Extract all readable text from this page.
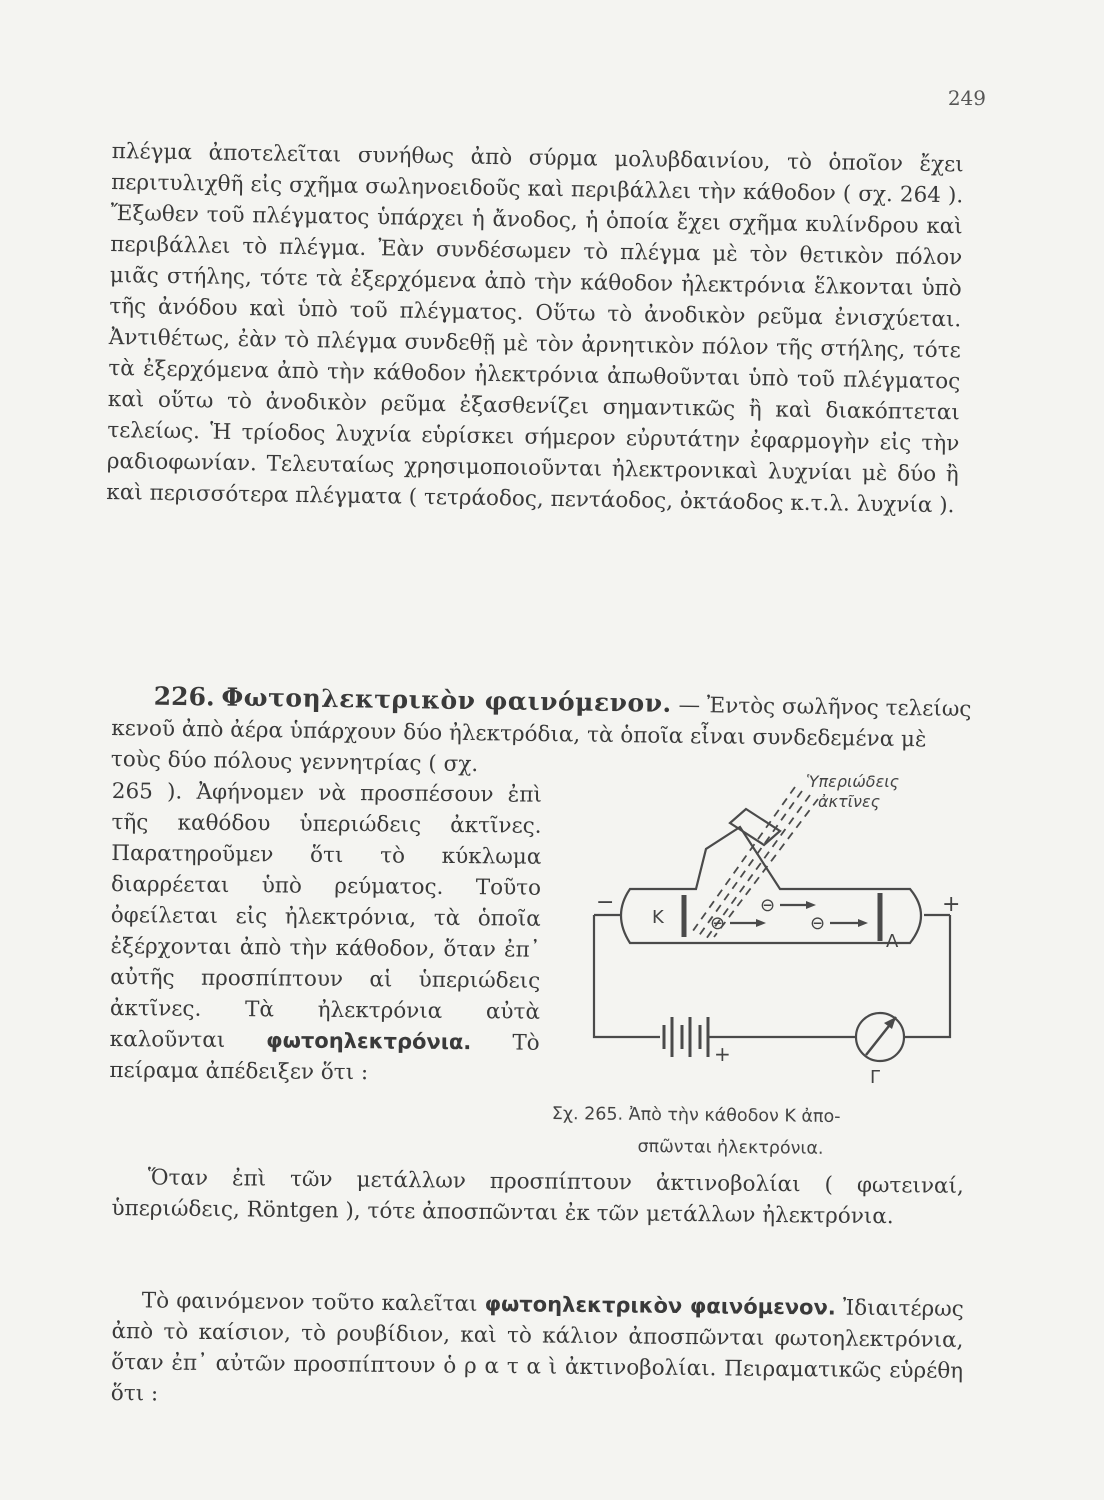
249

πλέγμα ἀποτελεῖται συνήθως ἀπὸ σύρμα μολυβδαινίου, τὸ ὁποῖον ἔχει περιτυλιχθῆ εἰς σχῆμα σωληνοειδοῦς καὶ περιβάλλει τὴν κάθοδον ( σχ. 264 ). Ἔξωθεν τοῦ πλέγματος ὑπάρχει ἡ ἄνοδος, ἡ ὁποία ἔχει σχῆμα κυλίνδρου καὶ περιβάλλει τὸ πλέγμα. Ἐὰν συνδέσωμεν τὸ πλέγμα μὲ τὸν θετικὸν πόλον μιᾶς στήλης, τότε τὰ ἐξερχόμενα ἀπὸ τὴν κάθοδον ἠλεκτρόνια ἕλκονται ὑπὸ τῆς ἀνόδου καὶ ὑπὸ τοῦ πλέγματος. Οὕτω τὸ ἀνοδικὸν ρεῦμα ἐνισχύεται. Ἀντιθέτως, ἐὰν τὸ πλέγμα συνδεθῇ μὲ τὸν ἀρνητικὸν πόλον τῆς στήλης, τότε τὰ ἐξερχόμενα ἀπὸ τὴν κάθοδον ἠλεκτρόνια ἀπωθοῦνται ὑπὸ τοῦ πλέγματος καὶ οὕτω τὸ ἀνοδικὸν ρεῦμα ἐξασθενίζει σημαντικῶς ἢ καὶ διακόπτεται τελείως. Ἡ τρίοδος λυχνία εὑρίσκει σήμερον εὐρυτάτην ἐφαρμογὴν εἰς τὴν ραδιοφωνίαν. Τελευταίως χρησιμοποιοῦνται ἠλεκτρονικαὶ λυχνίαι μὲ δύο ἢ καὶ περισσότερα πλέγματα ( τετράοδος, πεντάοδος, ὀκτάοδος κ.τ.λ. λυχνία ).

226. Φωτοηλεκτρικὸν φαινόμενον. — Ἐντὸς σωλῆνος τελείως κενοῦ ἀπὸ ἀέρα ὑπάρχουν δύο ἠλεκτρόδια, τὰ ὁποῖα εἶναι συνδεδεμένα μὲ τοὺς δύο πόλους γεννητρίας ( σχ.

265 ). Ἀφήνομεν νὰ προσπέσουν ἐπὶ τῆς καθόδου ὑπεριώδεις ἀκτῖνες. Παρατηροῦμεν ὅτι τὸ κύκλωμα διαρρέεται ὑπὸ ρεύματος. Τοῦτο ὀφείλεται εἰς ἠλεκτρόνια, τὰ ὁποῖα ἐξέρχονται ἀπὸ τὴν κάθοδον, ὅταν ἐπ᾽ αὐτῆς προσπίπτουν αἱ ὑπεριώδεις ἀκτῖνες. Τὰ ἠλεκτρόνια αὐτὰ καλοῦνται φωτοηλεκτρόνια. Τὸ πείραμα ἀπέδειξεν ὅτι :

Ὑπεριώδεις
ἀκτῖνες
K
A
Γ
−	+
+
⊖
⊖	⊖
Σχ. 265. Ἀπὸ τὴν κάθοδον Κ ἀπο-
σπῶνται ἠλεκτρόνια.

Ὅταν ἐπὶ τῶν μετάλλων προσπίπτουν ἀκτινοβολίαι ( φωτειναί, ὑπεριώδεις, Röntgen ), τότε ἀποσπῶνται ἐκ τῶν μετάλλων ἠλεκτρόνια.

Τὸ φαινόμενον τοῦτο καλεῖται φωτοηλεκτρικὸν φαινόμενον. Ἰδιαιτέρως ἀπὸ τὸ καίσιον, τὸ ρουβίδιον, καὶ τὸ κάλιον ἀποσπῶνται φωτοηλεκτρόνια, ὅταν ἐπ᾽ αὐτῶν προσπίπτουν ὁ ρ α τ α ὶ ἀκτινοβολίαι. Πειραματικῶς εὑρέθη ὅτι :
